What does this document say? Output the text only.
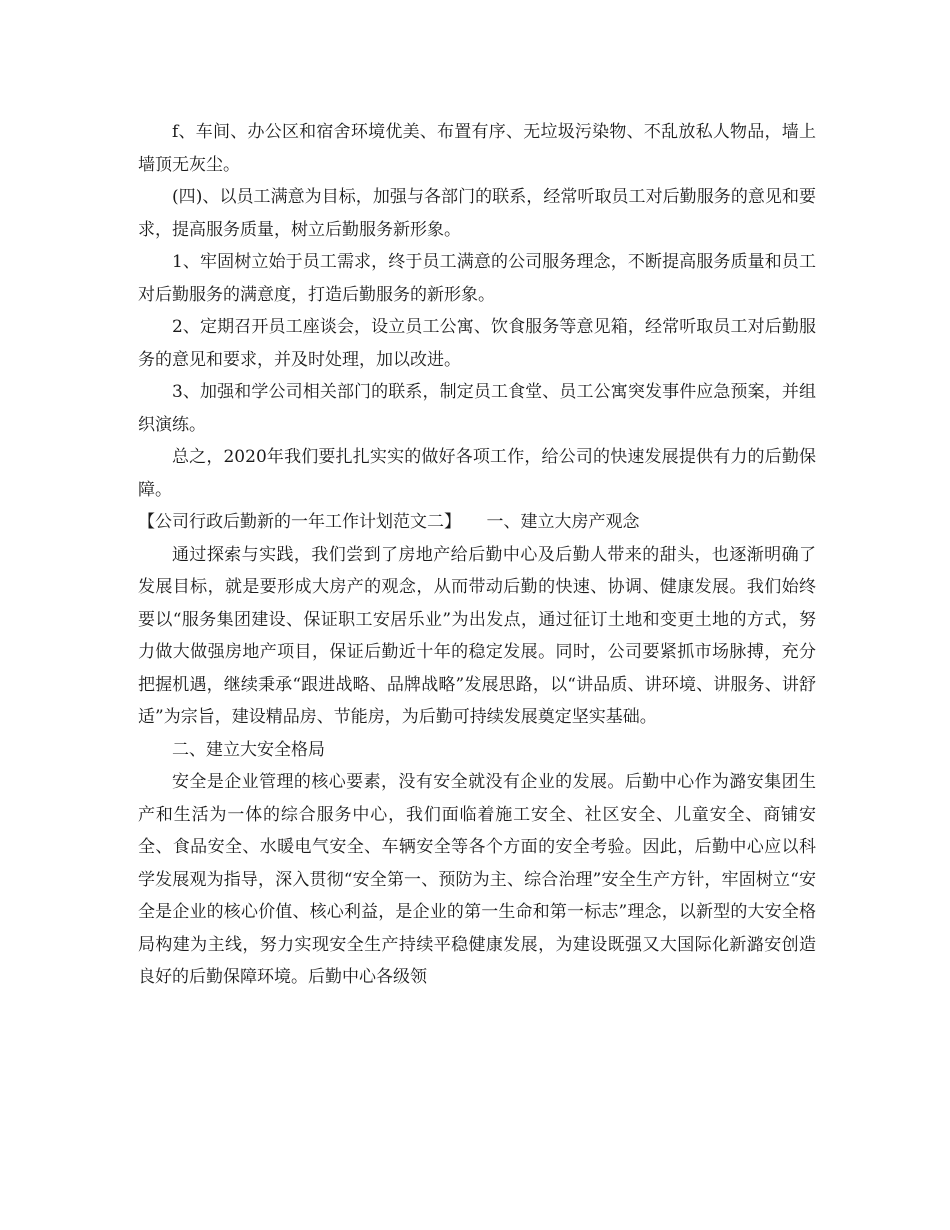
f、车间、办公区和宿舍环境优美、布置有序、无垃圾污染物、不乱放私人物品，墙上墙顶无灰尘。

(四)、以员工满意为目标，加强与各部门的联系，经常听取员工对后勤服务的意见和要求，提高服务质量，树立后勤服务新形象。

1、牢固树立始于员工需求，终于员工满意的公司服务理念，不断提高服务质量和员工对后勤服务的满意度，打造后勤服务的新形象。

2、定期召开员工座谈会，设立员工公寓、饮食服务等意见箱，经常听取员工对后勤服务的意见和要求，并及时处理，加以改进。

3、加强和学公司相关部门的联系，制定员工食堂、员工公寓突发事件应急预案，并组织演练。

总之，2020年我们要扎扎实实的做好各项工作，给公司的快速发展提供有力的后勤保障。

【公司行政后勤新的一年工作计划范文二】　　一、建立大房产观念

通过探索与实践，我们尝到了房地产给后勤中心及后勤人带来的甜头，也逐渐明确了发展目标，就是要形成大房产的观念，从而带动后勤的快速、协调、健康发展。我们始终要以“服务集团建设、保证职工安居乐业”为出发点，通过征订土地和变更土地的方式，努力做大做强房地产项目，保证后勤近十年的稳定发展。同时，公司要紧抓市场脉搏，充分把握机遇，继续秉承“跟进战略、品牌战略”发展思路，以“讲品质、讲环境、讲服务、讲舒适”为宗旨，建设精品房、节能房，为后勤可持续发展奠定坚实基础。

二、建立大安全格局

安全是企业管理的核心要素，没有安全就没有企业的发展。后勤中心作为潞安集团生产和生活为一体的综合服务中心，我们面临着施工安全、社区安全、儿童安全、商铺安全、食品安全、水暖电气安全、车辆安全等各个方面的安全考验。因此，后勤中心应以科学发展观为指导，深入贯彻“安全第一、预防为主、综合治理”安全生产方针，牢固树立“安全是企业的核心价值、核心利益，是企业的第一生命和第一标志”理念，以新型的大安全格局构建为主线，努力实现安全生产持续平稳健康发展，为建设既强又大国际化新潞安创造良好的后勤保障环境。后勤中心各级领
